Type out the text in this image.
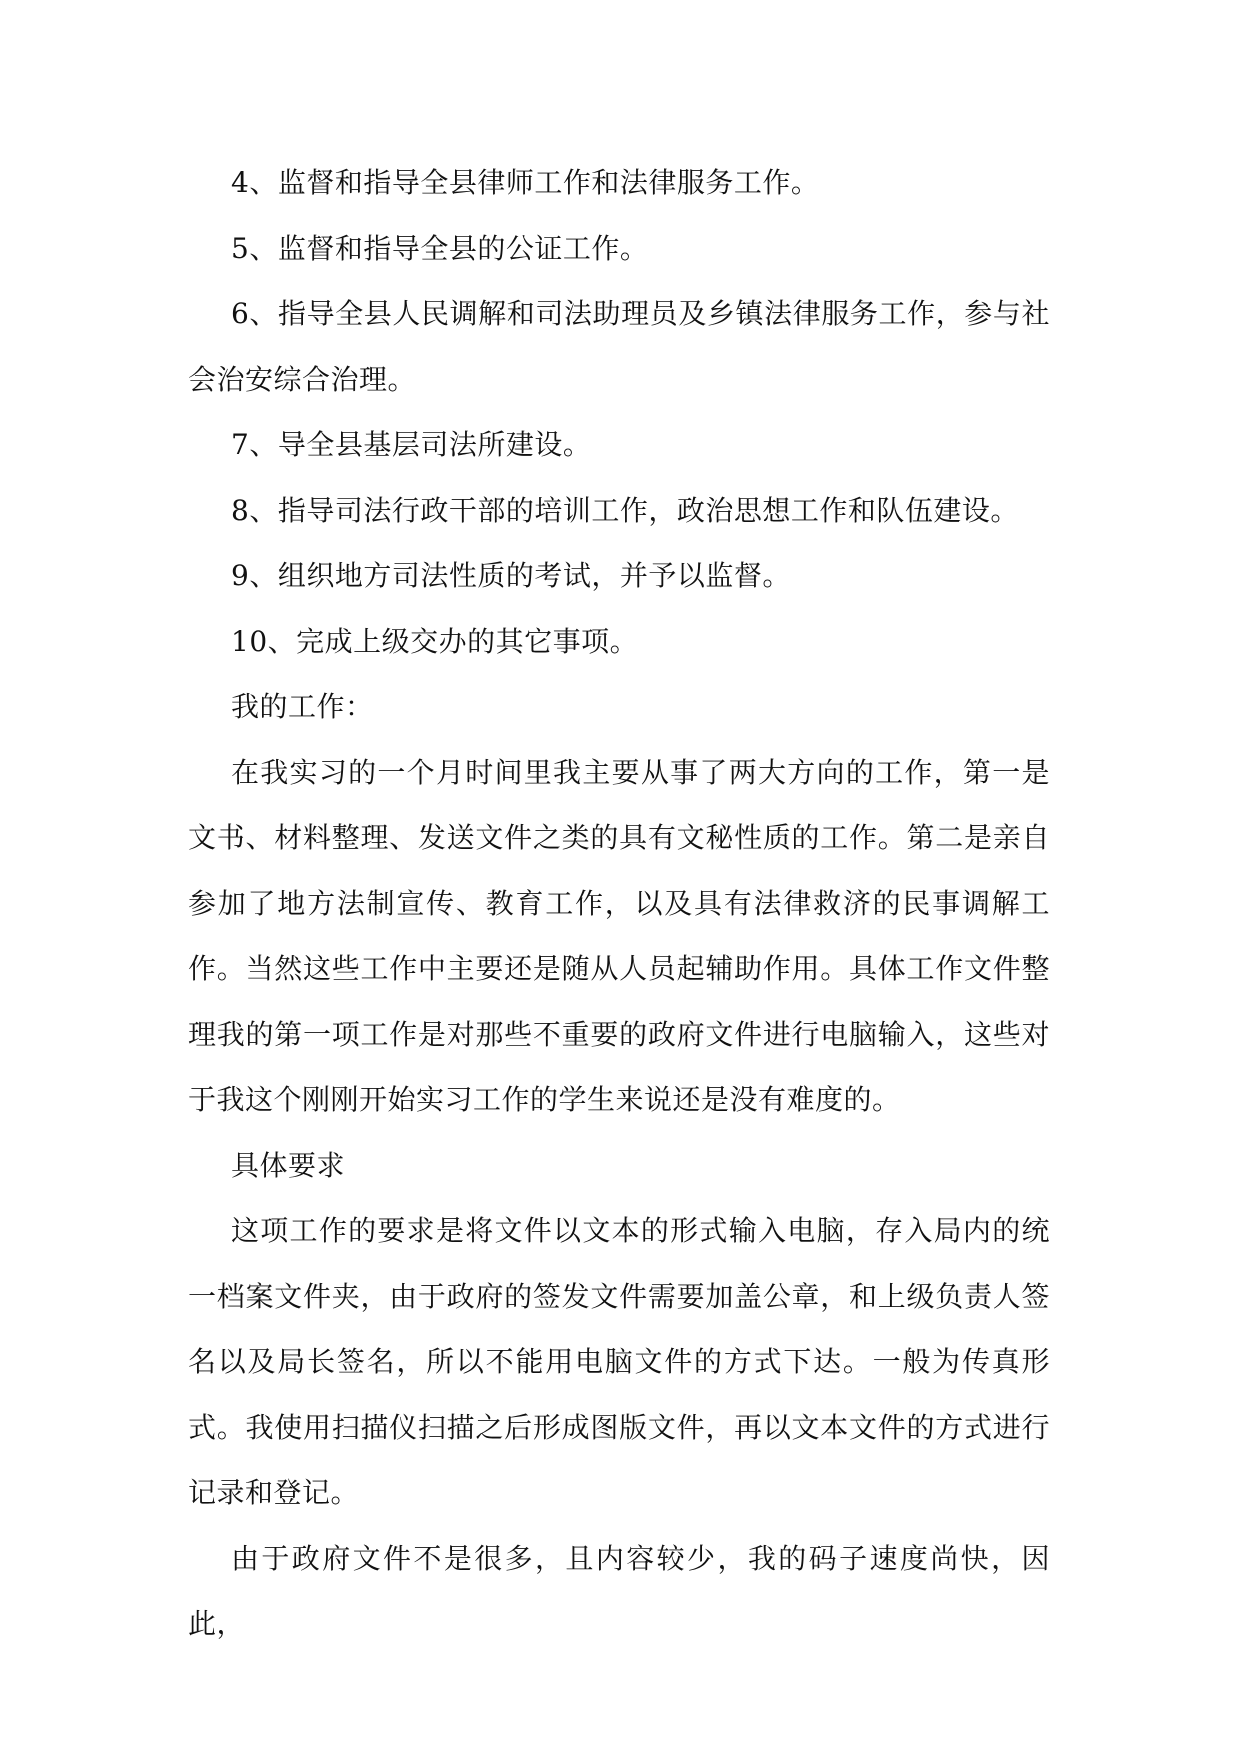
4、监督和指导全县律师工作和法律服务工作。

5、监督和指导全县的公证工作。

6、指导全县人民调解和司法助理员及乡镇法律服务工作，参与社会治安综合治理。

7、导全县基层司法所建设。

8、指导司法行政干部的培训工作，政治思想工作和队伍建设。

9、组织地方司法性质的考试，并予以监督。

10、完成上级交办的其它事项。

我的工作：

在我实习的一个月时间里我主要从事了两大方向的工作，第一是文书、材料整理、发送文件之类的具有文秘性质的工作。第二是亲自参加了地方法制宣传、教育工作，以及具有法律救济的民事调解工作。当然这些工作中主要还是随从人员起辅助作用。具体工作文件整理我的第一项工作是对那些不重要的政府文件进行电脑输入，这些对于我这个刚刚开始实习工作的学生来说还是没有难度的。

具体要求

这项工作的要求是将文件以文本的形式输入电脑，存入局内的统一档案文件夹，由于政府的签发文件需要加盖公章，和上级负责人签名以及局长签名，所以不能用电脑文件的方式下达。一般为传真形式。我使用扫描仪扫描之后形成图版文件，再以文本文件的方式进行记录和登记。

由于政府文件不是很多，且内容较少，我的码子速度尚快，因此，
